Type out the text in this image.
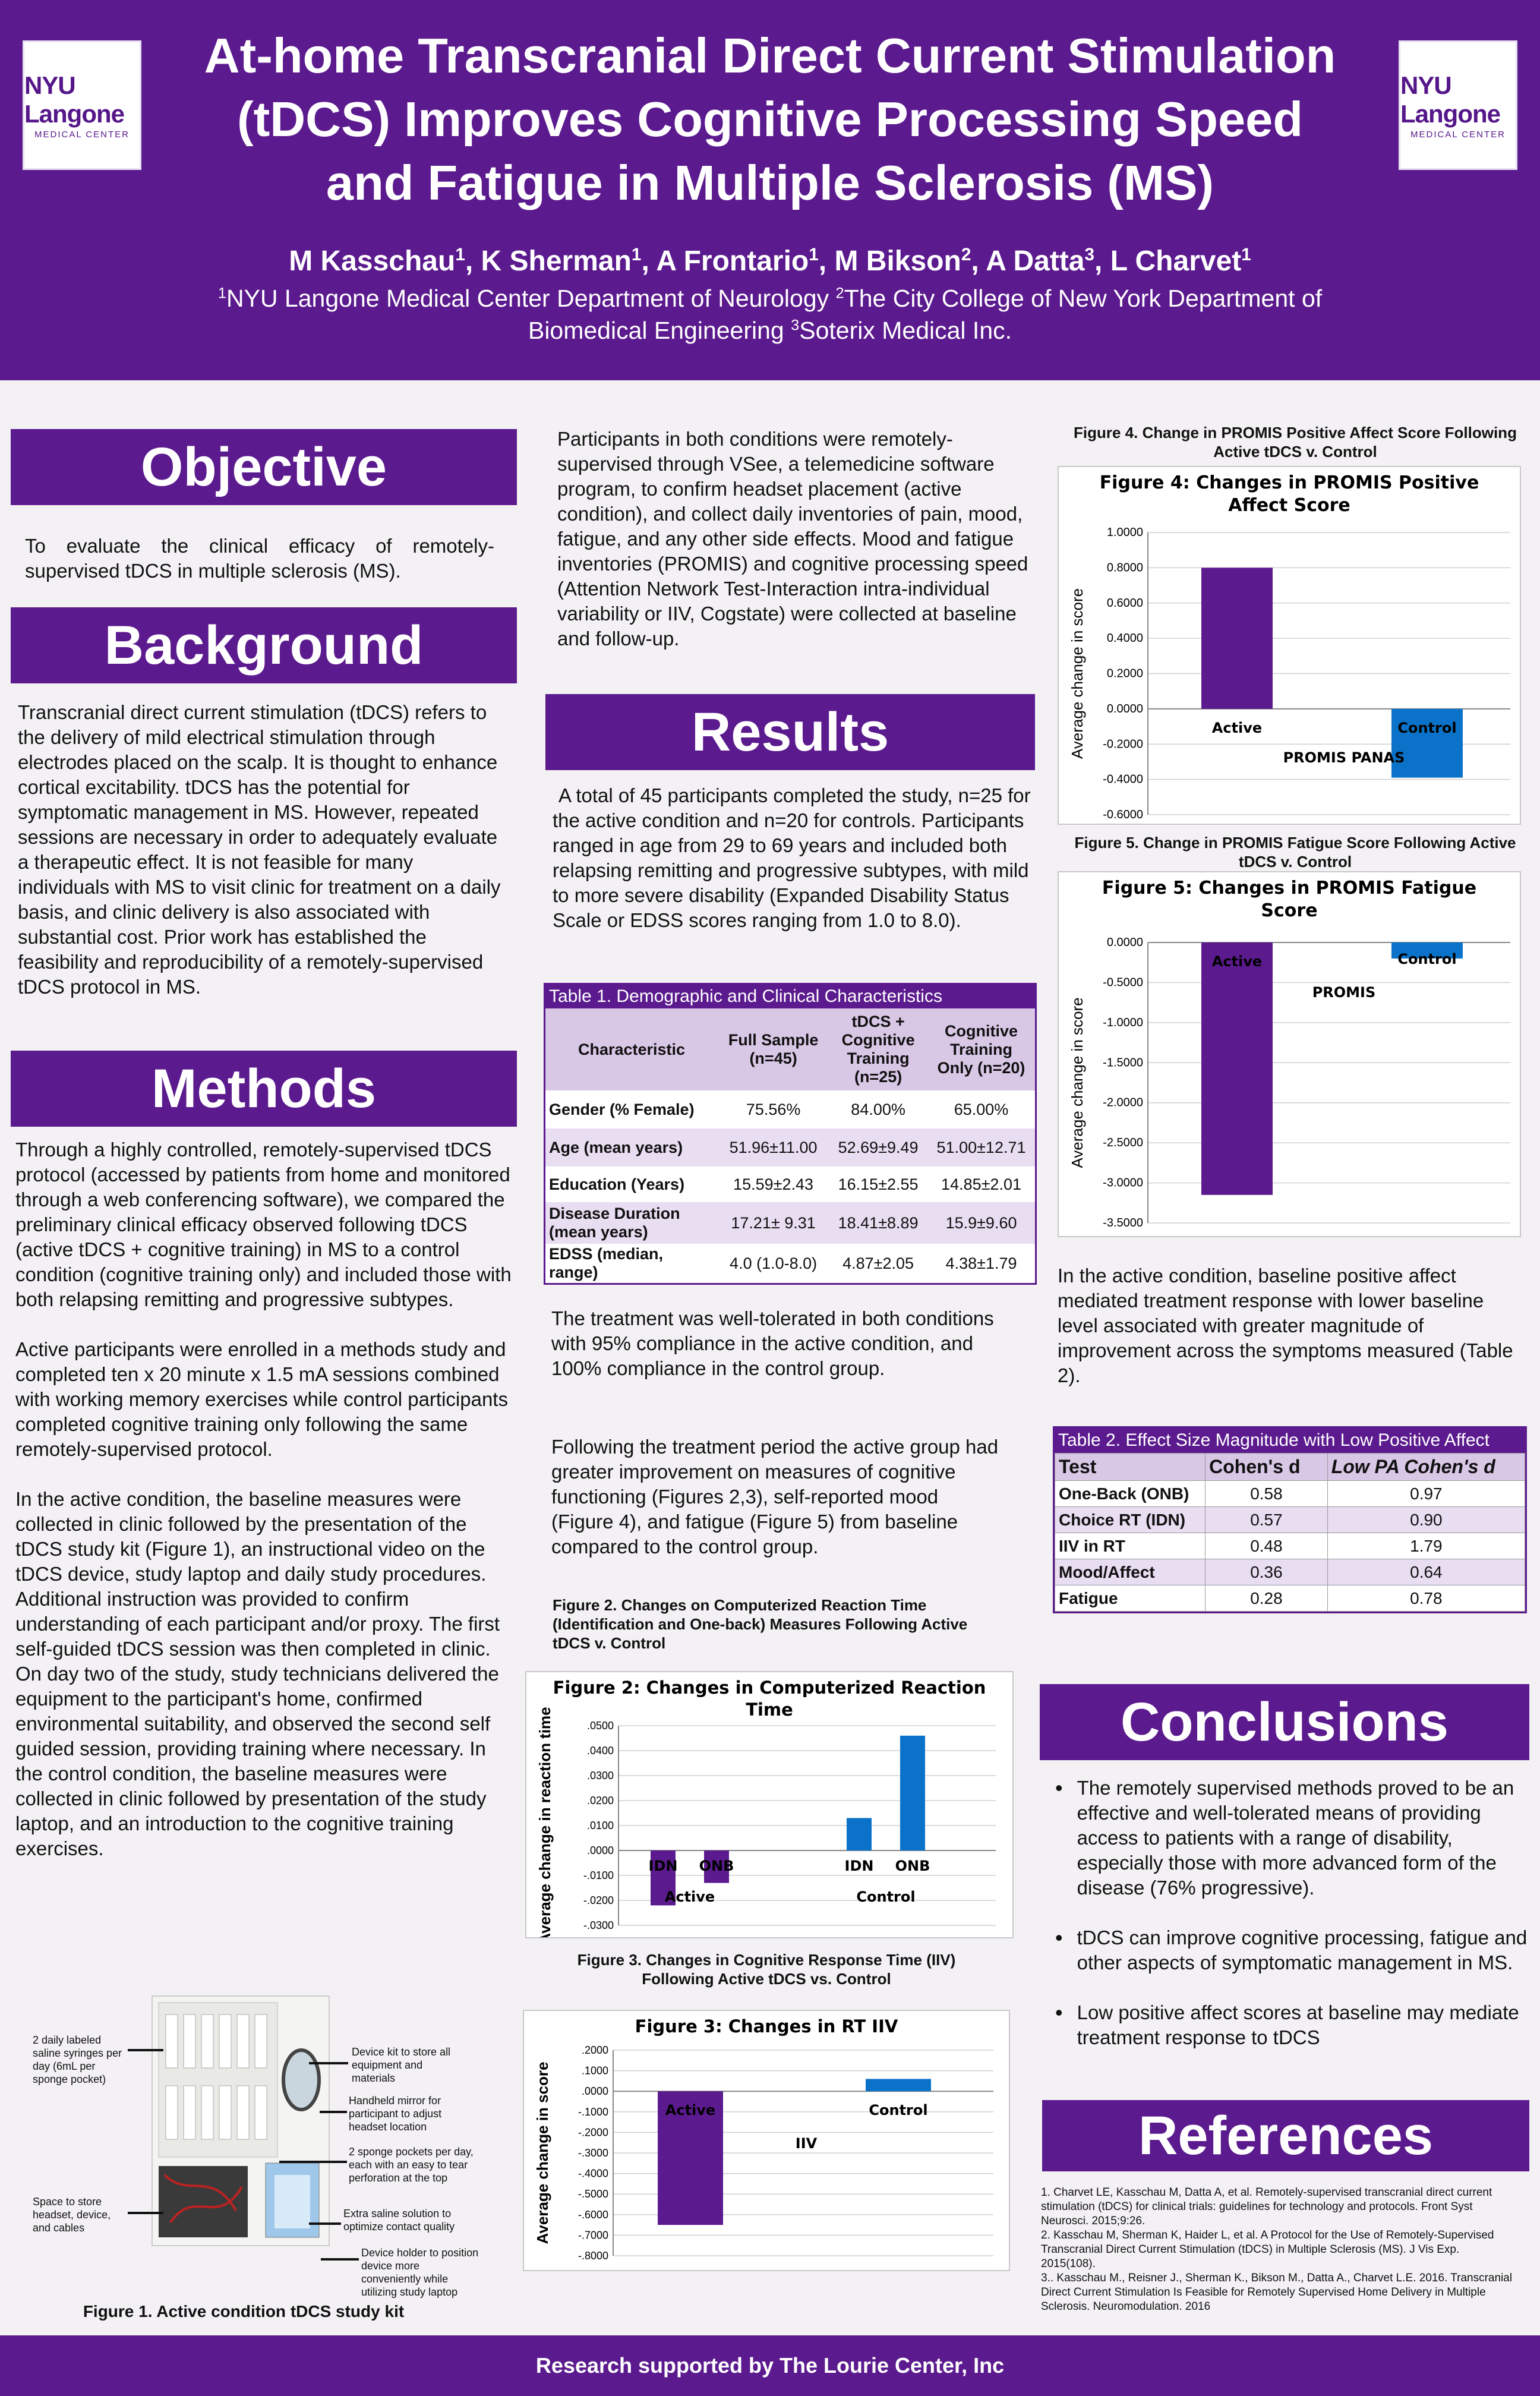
NYU Langone
MEDICAL CENTER
NYU Langone
MEDICAL CENTER
At-home Transcranial Direct Current Stimulation
(tDCS) Improves Cognitive Processing Speed
and Fatigue in Multiple Sclerosis (MS)
M Kasschau$^1$, K Sherman$^1$, A Frontario$^1$, M Bikson$^2$, A Datta$^3$, L Charvet$^1$
$^1$NYU Langone Medical Center Department of Neurology $^2$The City College of New York Department of
Biomedical Engineering $^3$Soterix Medical Inc.
Objective
To evaluate the clinical efficacy of remotely-supervised tDCS in multiple sclerosis (MS).
Background
Transcranial direct current stimulation (tDCS) refers to the delivery of mild electrical stimulation through electrodes placed on the scalp. It is thought to enhance cortical excitability. tDCS has the potential for symptomatic management in MS. However, repeated sessions are necessary in order to adequately evaluate a therapeutic effect. It is not feasible for many individuals with MS to visit clinic for treatment on a daily basis, and clinic delivery is also associated with substantial cost. Prior work has established the feasibility and reproducibility of a remotely-supervised tDCS protocol in MS.
Methods

Through a highly controlled, remotely-supervised tDCS protocol (accessed by patients from home and monitored through a web conferencing software), we compared the preliminary clinical efficacy observed following tDCS (active tDCS + cognitive training) in MS to a control condition (cognitive training only) and included those with both relapsing remitting and progressive subtypes.

Active participants were enrolled in a methods study and completed ten x 20 minute x 1.5 mA sessions combined with working memory exercises while control participants completed cognitive training only following the same remotely-supervised protocol.

In the active condition, the baseline measures were collected in clinic followed by the presentation of the tDCS study kit (Figure 1), an instructional video on the tDCS device, study laptop and daily study procedures. Additional instruction was provided to confirm understanding of each participant and/or proxy. The first self-guided tDCS session was then completed in clinic. On day two of the study, study technicians delivered the equipment to the participant's home, confirmed environmental suitability, and observed the second self guided session, providing training where necessary. In the control condition, the baseline measures were collected in clinic followed by presentation of the study laptop, and an introduction to the cognitive training exercises.

2 daily labeled saline syringes per day (6mL per sponge pocket)
Space to store headset, device, and cables
Device kit to store all equipment and materials
Handheld mirror for participant to adjust headset location
2 sponge pockets per day, each with an easy to tear perforation at the top
Extra saline solution to optimize contact quality
Device holder to position device more conveniently while utilizing study laptop
Figure 1. Active condition tDCS study kit
Participants in both conditions were remotely-supervised through VSee, a telemedicine software program, to confirm headset placement (active condition), and collect daily inventories of pain, mood, fatigue, and any other side effects. Mood and fatigue inventories (PROMIS) and cognitive processing speed (Attention Network Test-Interaction intra-individual variability or IIV, Cogstate) were collected at baseline and follow-up.
Results
A total of 45 participants completed the study, n=25 for the active condition and n=20 for controls. Participants ranged in age from 29 to 69 years and included both relapsing remitting and progressive subtypes, with mild to more severe disability (Expanded Disability Status Scale or EDSS scores ranging from 1.0 to 8.0).
Table 1. Demographic and Clinical Characteristics
Characteristic	Full Sample (n=45)	tDCS + Cognitive Training (n=25)	Cognitive Training Only (n=20)
Gender (% Female)	75.56%	84.00%	65.00%
Age (mean years)	51.96±11.00	52.69±9.49	51.00±12.71
Education (Years)	15.59±2.43	16.15±2.55	14.85±2.01
Disease Duration (mean years)	17.21± 9.31	18.41±8.89	15.9±9.60
EDSS (median, range)	4.0 (1.0-8.0)	4.87±2.05	4.38±1.79
The treatment was well-tolerated in both conditions with 95% compliance in the active condition, and 100% compliance in the control group.
Following the treatment period the active group had greater improvement on measures of cognitive functioning (Figures 2,3), self-reported mood (Figure 4), and fatigue (Figure 5) from baseline compared to the control group.
Figure 2. Changes on Computerized Reaction Time (Identification and One-back) Measures Following Active tDCS v. Control
Figure 2: Changes in Computerized Reaction
Time
.0500
.0400
.0300
.0200
.0100
.0000
-.0100
-.0200
-.0300
Average change in reaction time	IDN ONB	IDN ONB
Active	Control
Figure 3. Changes in Cognitive Response Time (IIV) Following Active tDCS vs. Control
Figure 3: Changes in RT IIV
.2000
.1000
.0000
-.1000
-.2000
-.3000
-.4000
-.5000
-.6000
-.7000
-.8000
Average change in score	Active	Control
IIV
Figure 4. Change in PROMIS Positive Affect Score Following Active tDCS v. Control
Figure 4: Changes in PROMIS Positive
Affect Score
1.0000
0.8000
0.6000
0.4000
0.2000
0.0000
-0.2000
-0.4000
-0.6000
Average change in score	Active	Control
PROMIS PANAS
Figure 5. Change in PROMIS Fatigue Score Following Active tDCS v. Control
Figure 5: Changes in PROMIS Fatigue
Score
0.0000
-0.5000
-1.0000
-1.5000
-2.0000
-2.5000
-3.0000
-3.5000
Average change in score
Active	Control
PROMIS
In the active condition, baseline positive affect mediated treatment response with lower baseline level associated with greater magnitude of improvement across the symptoms measured (Table 2).
Table 2. Effect Size Magnitude with Low Positive Affect
Test	Cohen's d	Low PA Cohen's d
One-Back (ONB)	0.58	0.97
Choice RT (IDN)	0.57	0.90
IIV in RT	0.48	1.79
Mood/Affect	0.36	0.64
Fatigue	0.28	0.78
Conclusions
• The remotely supervised methods proved to be an effective and well-tolerated means of providing access to patients with a range of disability, especially those with more advanced form of the disease (76% progressive).
• tDCS can improve cognitive processing, fatigue and other aspects of symptomatic management in MS.
• Low positive affect scores at baseline may mediate treatment response to tDCS
References

1. Charvet LE, Kasschau M, Datta A, et al. Remotely-supervised transcranial direct current stimulation (tDCS) for clinical trials: guidelines for technology and protocols. Front Syst Neurosci. 2015;9:26.

2. Kasschau M, Sherman K, Haider L, et al. A Protocol for the Use of Remotely-Supervised Transcranial Direct Current Stimulation (tDCS) in Multiple Sclerosis (MS). J Vis Exp. 2015(108).

3.. Kasschau M., Reisner J., Sherman K., Bikson M., Datta A., Charvet L.E. 2016. Transcranial Direct Current Stimulation Is Feasible for Remotely Supervised Home Delivery in Multiple Sclerosis. Neuromodulation. 2016

Research supported by The Lourie Center, Inc
